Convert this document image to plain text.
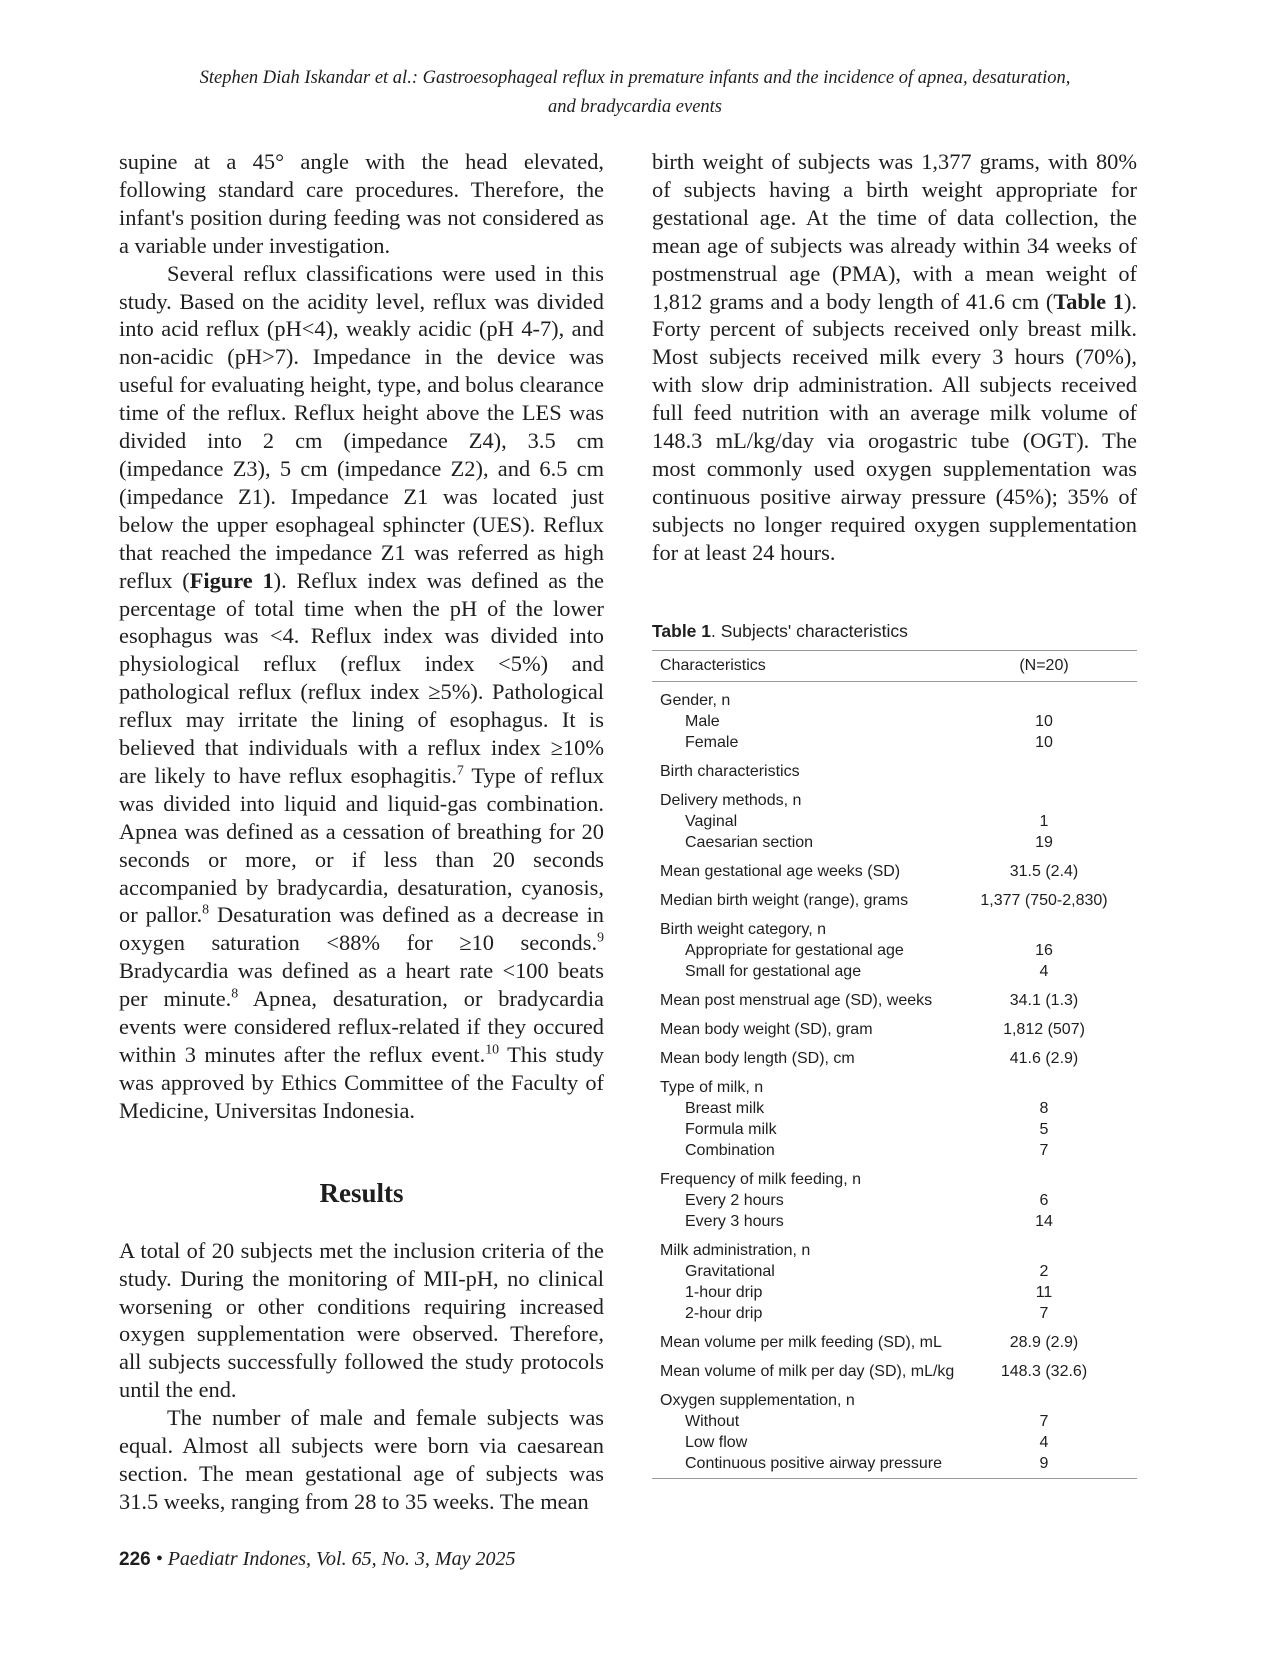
Stephen Diah Iskandar et al.: Gastroesophageal reflux in premature infants and the incidence of apnea, desaturation,
and bradycardia events

supine at a 45° angle with the head elevated, following standard care procedures. Therefore, the infant's position during feeding was not considered as a variable under investigation.

Several reflux classifications were used in this study. Based on the acidity level, reflux was divided into acid reflux (pH<4), weakly acidic (pH 4-7), and non-acidic (pH>7). Impedance in the device was useful for evaluating height, type, and bolus clearance time of the reflux. Reflux height above the LES was divided into 2 cm (impedance Z4), 3.5 cm (impedance Z3), 5 cm (impedance Z2), and 6.5 cm (impedance Z1). Impedance Z1 was located just below the upper esophageal sphincter (UES). Reflux that reached the impedance Z1 was referred as high reflux (Figure 1). Reflux index was defined as the percentage of total time when the pH of the lower esophagus was <4. Reflux index was divided into physiological reflux (reflux index <5%) and pathological reflux (reflux index ≥5%). Pathological reflux may irritate the lining of esophagus. It is believed that individuals with a reflux index ≥10% are likely to have reflux esophagitis.$^7$ Type of reflux was divided into liquid and liquid-gas combination. Apnea was defined as a cessation of breathing for 20 seconds or more, or if less than 20 seconds accompanied by bradycardia, desaturation, cyanosis, or pallor.$^8$ Desaturation was defined as a decrease in oxygen saturation <88% for ≥10 seconds.$^9$ Bradycardia was defined as a heart rate <100 beats per minute.$^8$ Apnea, desaturation, or bradycardia events were considered reflux-related if they occured within 3 minutes after the reflux event.$^{10}$ This study was approved by Ethics Committee of the Faculty of Medicine, Universitas Indonesia.

Results

A total of 20 subjects met the inclusion criteria of the study. During the monitoring of MII-pH, no clinical worsening or other conditions requiring increased oxygen supplementation were observed. Therefore, all subjects successfully followed the study protocols until the end.

The number of male and female subjects was equal. Almost all subjects were born via caesarean section. The mean gestational age of subjects was 31.5 weeks, ranging from 28 to 35 weeks. The mean

birth weight of subjects was 1,377 grams, with 80% of subjects having a birth weight appropriate for gestational age. At the time of data collection, the mean age of subjects was already within 34 weeks of postmenstrual age (PMA), with a mean weight of 1,812 grams and a body length of 41.6 cm (Table 1). Forty percent of subjects received only breast milk. Most subjects received milk every 3 hours (70%), with slow drip administration. All subjects received full feed nutrition with an average milk volume of 148.3 mL/kg/day via orogastric tube (OGT). The most commonly used oxygen supplementation was continuous positive airway pressure (45%); 35% of subjects no longer required oxygen supplementation for at least 24 hours.

Table 1. Subjects' characteristics
Characteristics	(N=20)
Gender, n
Male	10
Female	10
Birth characteristics
Delivery methods, n
Vaginal	1
Caesarian section	19
Mean gestational age weeks (SD)	31.5 (2.4)
Median birth weight (range), grams	1,377 (750-2,830)
Birth weight category, n
Appropriate for gestational age	16
Small for gestational age	4
Mean post menstrual age (SD), weeks	34.1 (1.3)
Mean body weight (SD), gram	1,812 (507)
Mean body length (SD), cm	41.6 (2.9)
Type of milk, n
Breast milk	8
Formula milk	5
Combination	7
Frequency of milk feeding, n
Every 2 hours	6
Every 3 hours	14
Milk administration, n
Gravitational	2
1-hour drip	11
2-hour drip	7
Mean volume per milk feeding (SD), mL	28.9 (2.9)
Mean volume of milk per day (SD), mL/kg	148.3 (32.6)
Oxygen supplementation, n
Without	7
Low flow	4
Continuous positive airway pressure	9
226 • Paediatr Indones, Vol. 65, No. 3, May 2025
